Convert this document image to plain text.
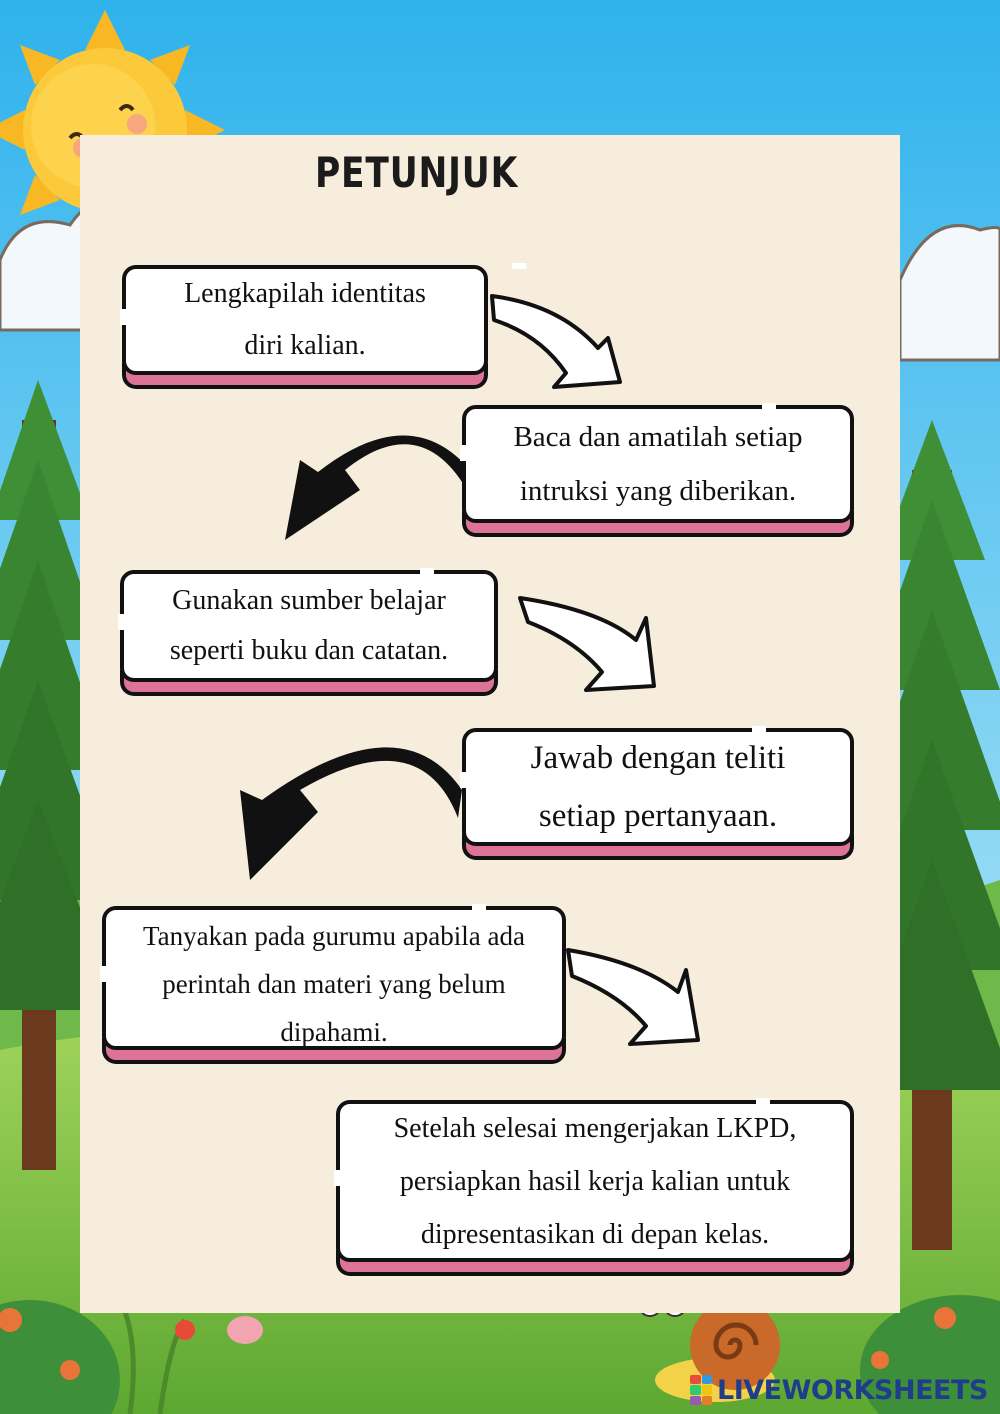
PETUNJUK
Lengkapilah identitas
diri kalian.
Baca dan amatilah setiap
intruksi yang diberikan.
Gunakan sumber belajar
seperti buku dan catatan.
Jawab dengan teliti
setiap pertanyaan.
Tanyakan pada gurumu apabila ada
perintah dan materi yang belum
dipahami.
Setelah selesai mengerjakan LKPD,
persiapkan hasil kerja kalian untuk
dipresentasikan di depan kelas.
LIVEWORKSHEETS
